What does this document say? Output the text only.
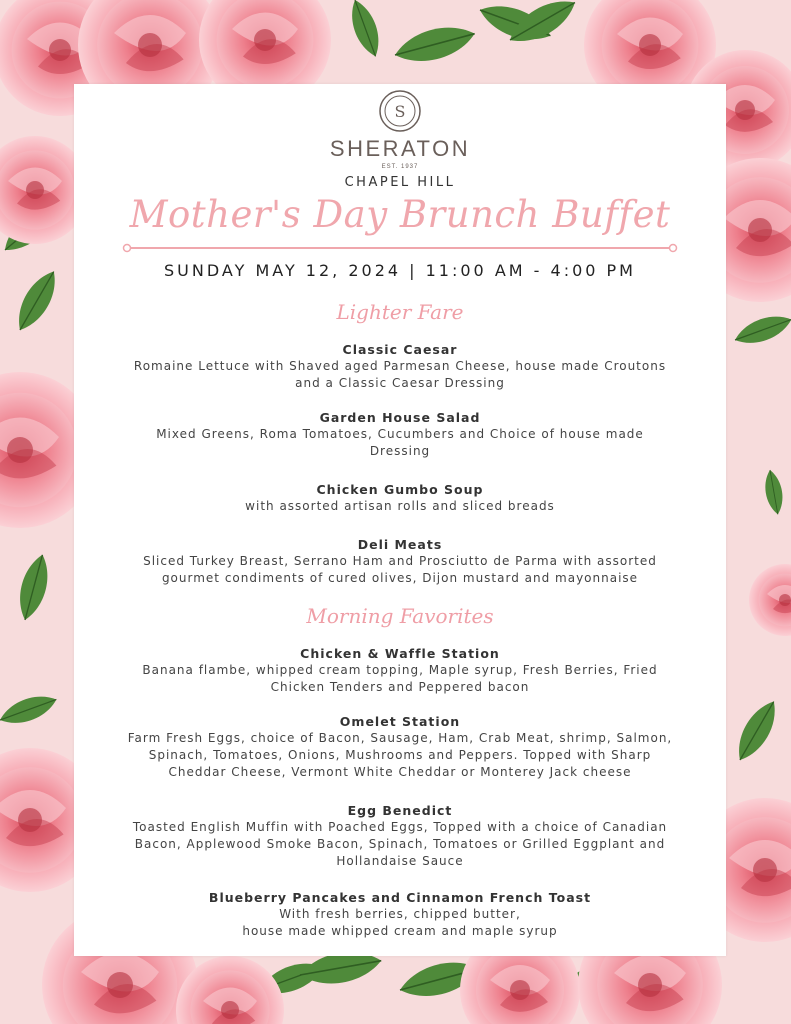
S
SHERATON
EST. 1937
CHAPEL HILL
Mother's Day Brunch Buffet
SUNDAY MAY 12, 2024 | 11:00 AM - 4:00 PM
Lighter Fare
Classic Caesar
Romaine Lettuce with Shaved aged Parmesan Cheese, house made Croutons
and a Classic Caesar Dressing
Garden House Salad
Mixed Greens, Roma Tomatoes, Cucumbers and Choice of house made
Dressing
Chicken Gumbo Soup
with assorted artisan rolls and sliced breads
Deli Meats
Sliced Turkey Breast, Serrano Ham and Prosciutto de Parma with assorted
gourmet condiments of cured olives, Dijon mustard and mayonnaise
Morning Favorites
Chicken & Waffle Station
Banana flambe, whipped cream topping, Maple syrup, Fresh Berries, Fried
Chicken Tenders and Peppered bacon
Omelet Station
Farm Fresh Eggs, choice of Bacon, Sausage, Ham, Crab Meat, shrimp, Salmon,
Spinach, Tomatoes, Onions, Mushrooms and Peppers. Topped with Sharp
Cheddar Cheese, Vermont White Cheddar or Monterey Jack cheese
Egg Benedict
Toasted English Muffin with Poached Eggs, Topped with a choice of Canadian
Bacon, Applewood Smoke Bacon, Spinach, Tomatoes or Grilled Eggplant and
Hollandaise Sauce
Blueberry Pancakes and Cinnamon French Toast
With fresh berries, chipped butter,
house made whipped cream and maple syrup
